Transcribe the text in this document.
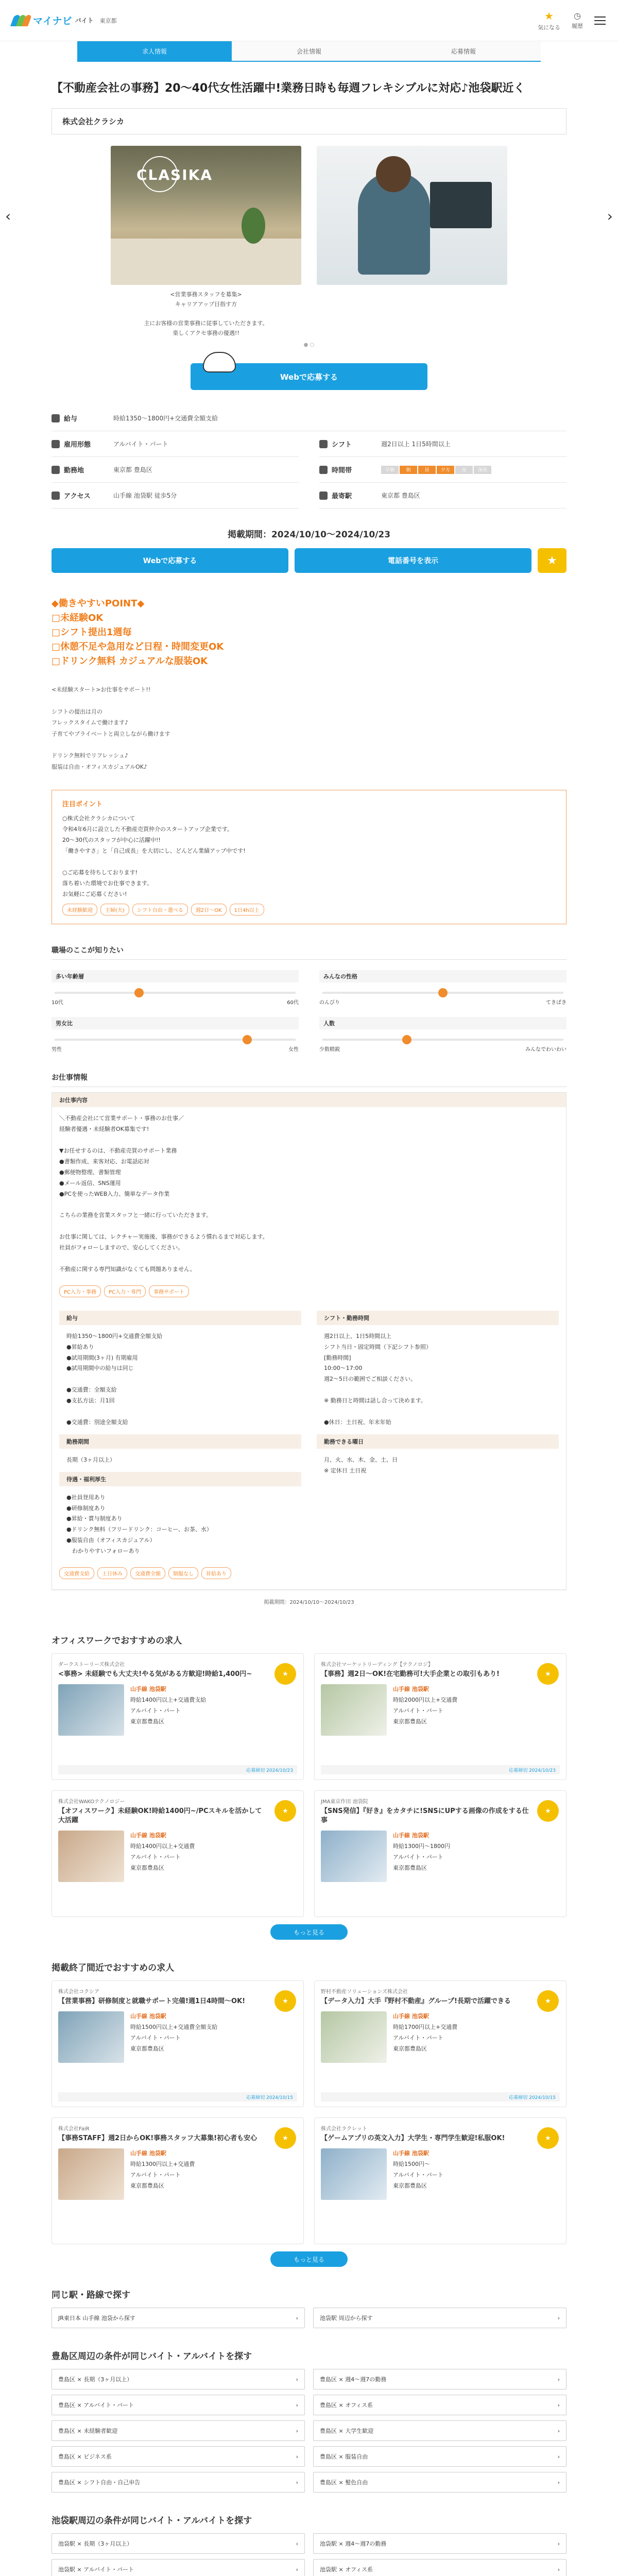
マイナビ バイト 東京都	★
気になる
◷
履歴
求人情報	会社情報	応募情報
【不動産会社の事務】20〜40代女性活躍中!業務日時も毎週フレキシブルに対応♪池袋駅近く
株式会社クラシカ
‹
CLASIKA
<営業事務スタッフを募集>
キャリアアップ目指す方

主にお客様の営業事務に従事していただきます。
楽しくアクセ事務の優遇!!
›
● ○
Webで応募する
給与	時給1350〜1800円+交通費全額支給
雇用形態	アルバイト・パート	シフト	週2日以上 1日5時間以上
勤務地	東京都 豊島区	時間帯	早朝	朝	昼	夕方	夜	深夜
アクセス	山手線 池袋駅 徒歩5分	最寄駅	東京都 豊島区
掲載期間：2024/10/10〜2024/10/23
Webで応募する	電話番号を表示	★
◆働きやすいPOINT◆
□未経験OK
□シフト提出1週毎
□休憩不足や急用など日程・時間変更OK
□ドリンク無料 カジュアルな服装OK
<未経験スタート>お仕事をサポート!!

シフトの提出は月の
フレックスタイムで働けます♪
子育てやプライベートと両立しながら働けます

ドリンク無料でリフレッシュ♪
服装は自由・オフィスカジュアルOK♪
注目ポイント

○株式会社クラシカについて
令和4年6月に設立した不動産売買仲介のスタートアップ企業です。
20〜30代のスタッフが中心に活躍中!!
「働きやすさ」と「自己成長」を大切にし、どんどん業績アップ中です!

○ご応募を待ちしております!
落ち着いた環境でお仕事できます。
お気軽にご応募ください!

未経験歓迎	主婦(夫)	シフト自由・選べる	週2日〜OK	1日4h以上
職場のここが知りたい
多い年齢層
10代	60代
みんなの性格
のんびり	てきぱき
男女比
男性	女性
人数
少数精鋭	みんなでわいわい
お仕事情報
お仕事内容
＼不動産会社にて営業サポート・事務のお仕事／
経験者優遇・未経験者OK募集です!

▼お任せするのは、不動産売買のサポート業務
●書類作成、来客対応、お電話応対
●郵便物整理、書類管理
●メール返信、SNS運用
●PCを使ったWEB入力、簡単なデータ作業

こちらの業務を営業スタッフと一緒に行っていただきます。

お仕事に関しては、レクチャー実施後、事務ができるよう慣れるまで対応します。
社員がフォローしますので、安心してください。

不動産に関する専門知識がなくても問題ありません。
PC入力・事務	PC入力・専門	事務サポート
給与
時給1350〜1800円+交通費全額支給
●昇給あり
●試用期間(3ヶ月) 有期雇用
●試用期間中の給与は同じ

●交通費：全額支給
●支払方法：月1回

●交通費：別途全額支給
シフト・勤務時間
週2日以上、1日5時間以上
シフト当日・固定時間（下記シフト参照）
[勤務時間]
10:00〜17:00
週2〜5日の範囲でご相談ください。

※ 勤務日と時間は話し合って決めます。

●休日：土日祝、年末年始
勤務期間
長期（3ヶ月以上）
待遇・福利厚生
●社員登用あり
●研修制度あり
●昇給・賞与制度あり
●ドリンク無料（フリードリンク：コーヒー、お茶、水）
●服装自由（オフィスカジュアル）
　わかりやすいフォローあり
勤務できる曜日
月、火、水、木、金、土、日
※ 定休日 土日祝
交通費支給	土日休み	交通費全額	制服なし	昇給あり
掲載期間：2024/10/10〜2024/10/23
オフィスワークでおすすめの求人
ダークストーリーズ株式会社
<事務> 未経験でも大丈夫!やる気がある方歓迎!時給1,400円~	★
山手線 池袋駅
時給1400円以上+交通費支給
アルバイト・パート
東京都豊島区
応募締切 2024/10/23
株式会社マーケットリーディング【テクノロジ】
【事務】週2日〜OK!在宅勤務可!大手企業との取引もあり!	★
山手線 池袋駅
時給2000円以上+交通費
アルバイト・パート
東京都豊島区
応募締切 2024/10/23
株式会社WAKOテクノロジー
【オフィスワーク】未経験OK!時給1400円~/PCスキルを活かして大活躍
★
山手線 池袋駅
時給1400円以上+交通費
アルバイト・パート
東京都豊島区
JMA東京作田 池袋院
【SNS発信】『好き』をカタチに!SNSにUPする画像の作成をする仕事
★
山手線 池袋駅
時給1300円〜1800円
アルバイト・パート
東京都豊島区
もっと見る
掲載終了間近でおすすめの求人
株式会社コクシア
【営業事務】研修制度と就職サポート完備!週1日4時間〜OK!	★
山手線 池袋駅
時給1500円以上+交通費全額支給
アルバイト・パート
東京都豊島区
応募締切 2024/10/15
野村不動産ソリューションズ株式会社
【データ入力】大手『野村不動産』グループ!長期で活躍できる	★
山手線 池袋駅
時給1700円以上+交通費
アルバイト・パート
東京都豊島区
応募締切 2024/10/15
株式会社FaiR
【事務STAFF】週2日からOK!事務スタッフ大募集!初心者も安心	★
山手線 池袋駅
時給1300円以上+交通費
アルバイト・パート
東京都豊島区
株式会社ラクレット
【ゲームアプリの英文入力】大学生・専門学生歓迎!私服OK!	★
山手線 池袋駅
時給1500円〜
アルバイト・パート
東京都豊島区
もっと見る
同じ駅・路線で探す
JR東日本 山手線 池袋から探す	›	池袋駅 周辺から探す	›
豊島区周辺の条件が同じバイト・アルバイトを探す
豊島区 × 長期（3ヶ月以上）	›	豊島区 × 週4〜週7の勤務	›
豊島区 × アルバイト・パート	›	豊島区 × オフィス系	›
豊島区 × 未経験者歓迎	›	豊島区 × 大学生歓迎	›
豊島区 × ビジネス系	›	豊島区 × 服装自由	›
豊島区 × シフト自由・自己申告	›	豊島区 × 髪色自由	›
池袋駅周辺の条件が同じバイト・アルバイトを探す
池袋駅 × 長期（3ヶ月以上）	›	池袋駅 × 週4〜週7の勤務	›
池袋駅 × アルバイト・パート	›	池袋駅 × オフィス系	›
